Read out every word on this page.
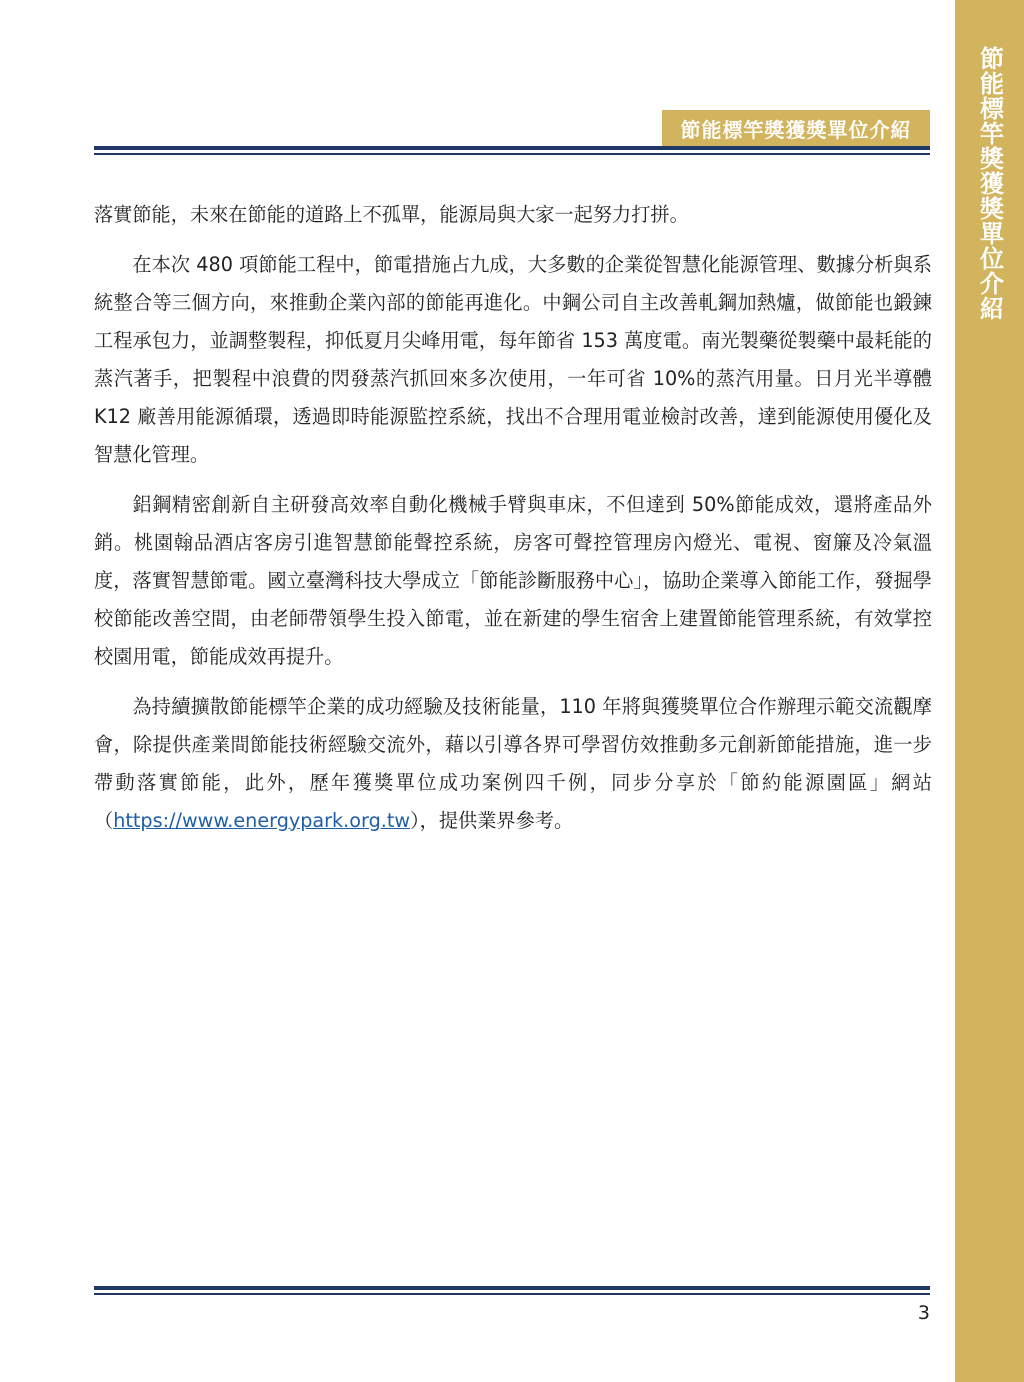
節能標竿獎獲獎單位介紹
節能標竿獎獲獎單位介紹

落實節能，未來在節能的道路上不孤單，能源局與大家一起努力打拼。

在本次 480 項節能工程中，節電措施占九成，大多數的企業從智慧化能源管理、數據分析與系統整合等三個方向，來推動企業內部的節能再進化。中鋼公司自主改善軋鋼加熱爐，做節能也鍛鍊工程承包力，並調整製程，抑低夏月尖峰用電，每年節省 153 萬度電。南光製藥從製藥中最耗能的蒸汽著手，把製程中浪費的閃發蒸汽抓回來多次使用，一年可省 10%的蒸汽用量。日月光半導體 K12 廠善用能源循環，透過即時能源監控系統，找出不合理用電並檢討改善，達到能源使用優化及智慧化管理。

鋁鋼精密創新自主研發高效率自動化機械手臂與車床，不但達到 50%節能成效，還將產品外銷。桃園翰品酒店客房引進智慧節能聲控系統，房客可聲控管理房內燈光、電視、窗簾及冷氣溫度，落實智慧節電。國立臺灣科技大學成立「節能診斷服務中心」，協助企業導入節能工作，發掘學校節能改善空間，由老師帶領學生投入節電，並在新建的學生宿舍上建置節能管理系統，有效掌控校園用電，節能成效再提升。

為持續擴散節能標竿企業的成功經驗及技術能量，110 年將與獲獎單位合作辦理示範交流觀摩會，除提供產業間節能技術經驗交流外，藉以引導各界可學習仿效推動多元創新節能措施，進一步帶動落實節能，此外，歷年獲獎單位成功案例四千例，同步分享於「節約能源園區」網站（https://www.energypark.org.tw），提供業界參考。

3
